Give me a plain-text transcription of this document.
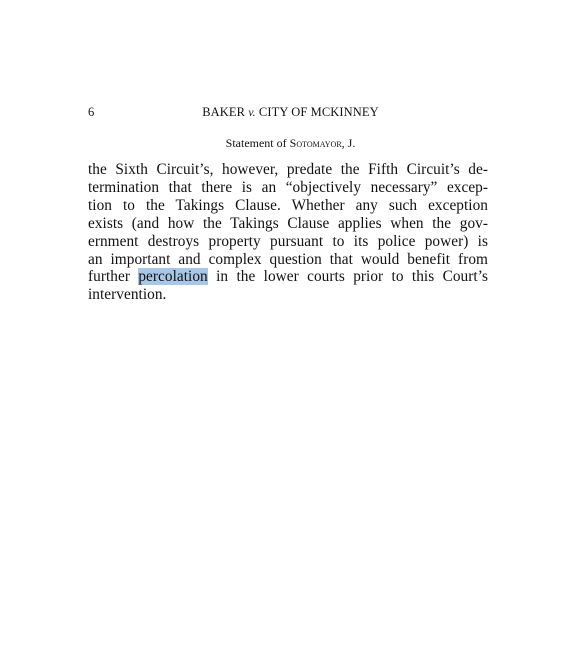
6	BAKER v. CITY OF MCKINNEY
Statement of Sotomayor, J.
the Sixth Circuit’s, however, predate the Fifth Circuit’s de-
termination that there is an “objectively necessary” excep-
tion to the Takings Clause. Whether any such exception
exists (and how the Takings Clause applies when the gov-
ernment destroys property pursuant to its police power) is
an important and complex question that would benefit from
further percolation in the lower courts prior to this Court’s
intervention.
